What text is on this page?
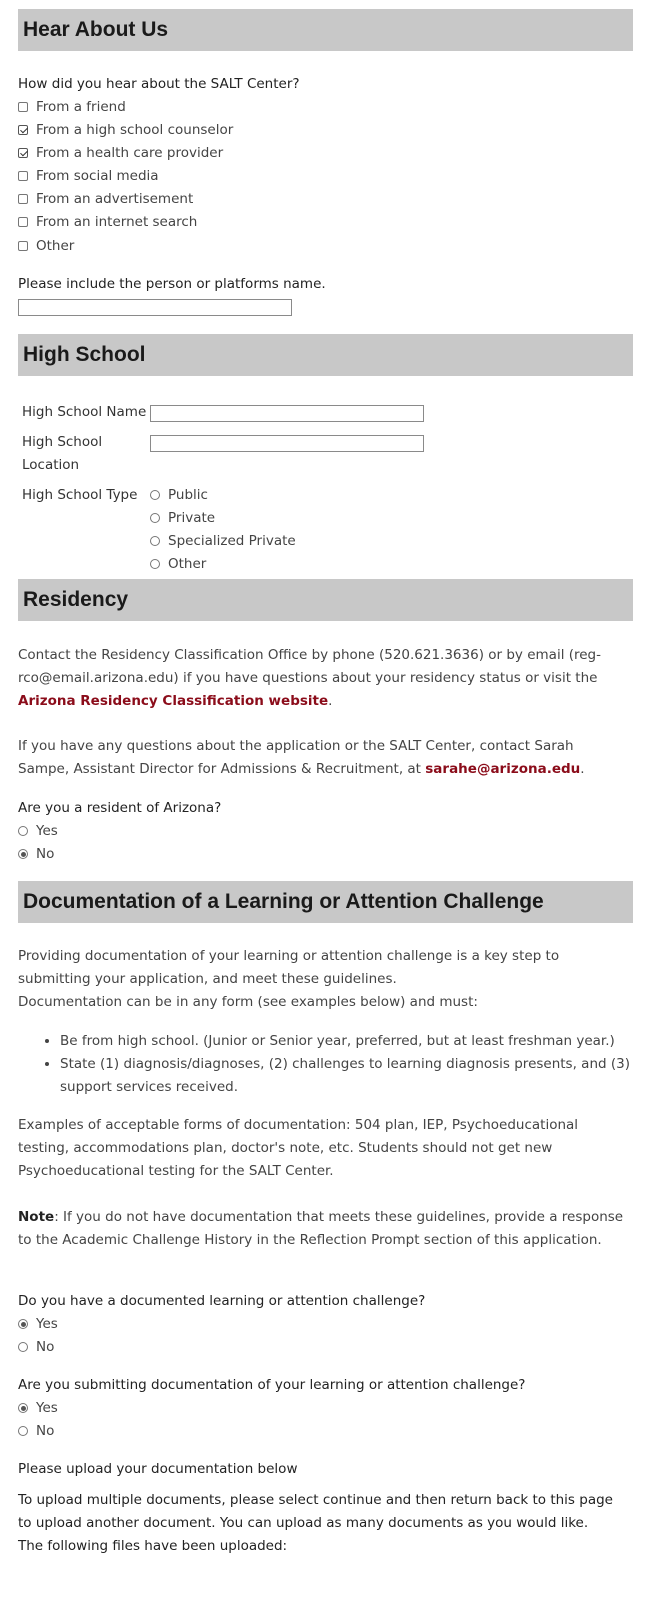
Hear About Us
How did you hear about the SALT Center?
From a friend
From a high school counselor
From a health care provider
From social media
From an advertisement
From an internet search
Other
Please include the person or platforms name.
High School
High School Name
High School
Location
High School Type Public
Private
Specialized Private
Other
Residency
Contact the Residency Classification Office by phone (520.621.3636) or by email (reg-rco@email.arizona.edu) if you have questions about your residency status or visit the Arizona Residency Classification website.
If you have any questions about the application or the SALT Center, contact Sarah Sampe, Assistant Director for Admissions & Recruitment, at sarahe@arizona.edu.
Are you a resident of Arizona?
Yes
No
Documentation of a Learning or Attention Challenge
Providing documentation of your learning or attention challenge is a key step to submitting your application, and meet these guidelines.
Documentation can be in any form (see examples below) and must:
• Be from high school. (Junior or Senior year, preferred, but at least freshman year.)
• State (1) diagnosis/diagnoses, (2) challenges to learning diagnosis presents, and (3) support services received.
Examples of acceptable forms of documentation: 504 plan, IEP, Psychoeducational testing, accommodations plan, doctor's note, etc. Students should not get new Psychoeducational testing for the SALT Center.
Note: If you do not have documentation that meets these guidelines, provide a response to the Academic Challenge History in the Reflection Prompt section of this application.
Do you have a documented learning or attention challenge?
Yes
No
Are you submitting documentation of your learning or attention challenge?
Yes
No
Please upload your documentation below
To upload multiple documents, please select continue and then return back to this page to upload another document. You can upload as many documents as you would like.
The following files have been uploaded:
